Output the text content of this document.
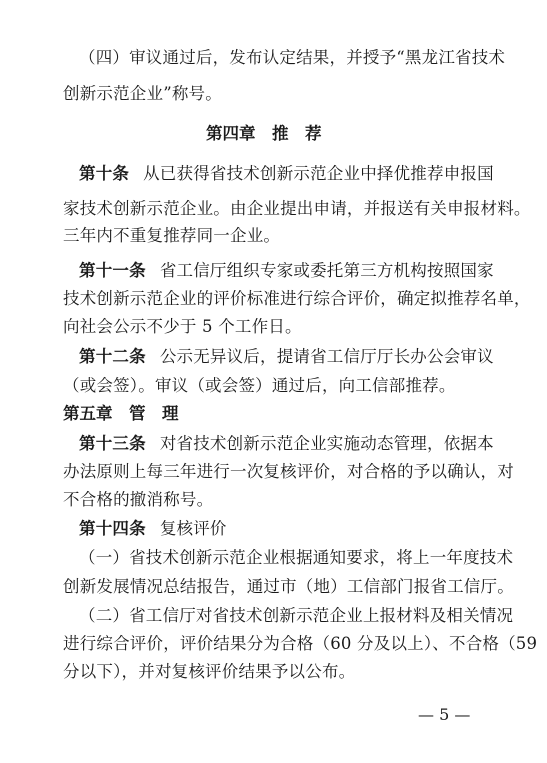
（四）审议通过后，发布认定结果，并授予“黑龙江省技术
创新示范企业”称号。
第四章　推　荐
第十条 从已获得省技术创新示范企业中择优推荐申报国
家技术创新示范企业。由企业提出申请，并报送有关申报材料。
三年内不重复推荐同一企业。
第十一条 省工信厅组织专家或委托第三方机构按照国家
技术创新示范企业的评价标准进行综合评价，确定拟推荐名单，
向社会公示不少于 5 个工作日。
第十二条 公示无异议后，提请省工信厅厅长办公会审议
（或会签）。审议（或会签）通过后，向工信部推荐。
第五章　管　理
第十三条 对省技术创新示范企业实施动态管理，依据本
办法原则上每三年进行一次复核评价，对合格的予以确认，对
不合格的撤消称号。
第十四条 复核评价
（一）省技术创新示范企业根据通知要求，将上一年度技术
创新发展情况总结报告，通过市（地）工信部门报省工信厅。
（二）省工信厅对省技术创新示范企业上报材料及相关情况
进行综合评价，评价结果分为合格（60 分及以上）、不合格（59
分以下），并对复核评价结果予以公布。
— 5 —
